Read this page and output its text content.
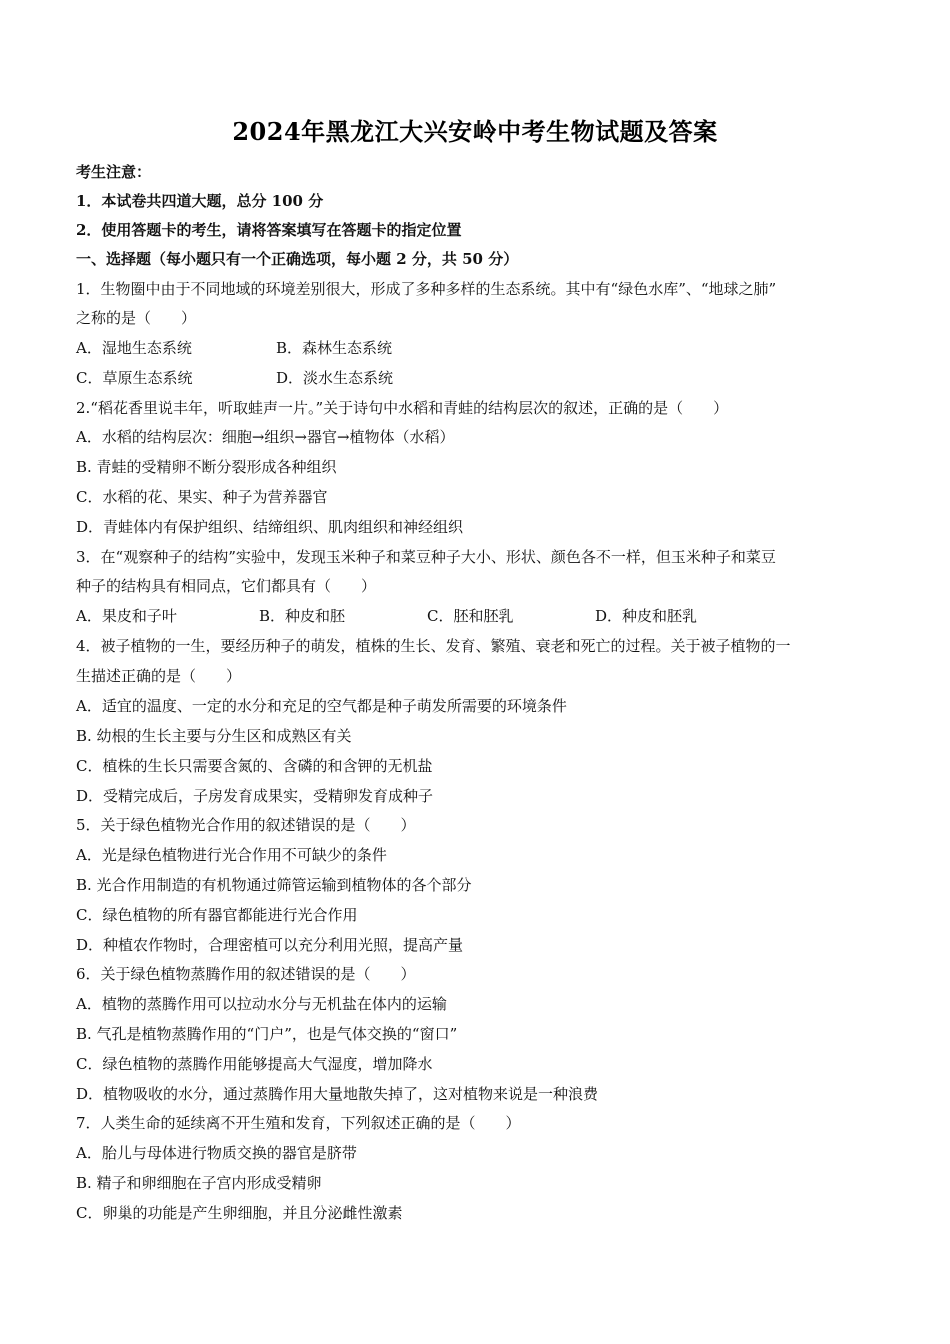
2024年黑龙江大兴安岭中考生物试题及答案
考生注意：
1．本试卷共四道大题，总分 100 分
2．使用答题卡的考生，请将答案填写在答题卡的指定位置
一、选择题（每小题只有一个正确选项，每小题 2 分，共 50 分）
1．生物圈中由于不同地域的环境差别很大，形成了多种多样的生态系统。其中有“绿色水库”、“地球之肺”
之称的是（　　）
A．湿地生态系统	B．森林生态系统
C．草原生态系统	D．淡水生态系统
2.“稻花香里说丰年，听取蛙声一片。”关于诗句中水稻和青蛙的结构层次的叙述，正确的是（　　）
A．水稻的结构层次：细胞→组织→器官→植物体（水稻）
B. 青蛙的受精卵不断分裂形成各种组织
C．水稻的花、果实、种子为营养器官
D．青蛙体内有保护组织、结缔组织、肌肉组织和神经组织
3．在“观察种子的结构”实验中，发现玉米种子和菜豆种子大小、形状、颜色各不一样，但玉米种子和菜豆
种子的结构具有相同点，它们都具有（　　）
A．果皮和子叶	B．种皮和胚	C．胚和胚乳	D．种皮和胚乳
4．被子植物的一生，要经历种子的萌发，植株的生长、发育、繁殖、衰老和死亡的过程。关于被子植物的一
生描述正确的是（　　）
A．适宜的温度、一定的水分和充足的空气都是种子萌发所需要的环境条件
B. 幼根的生长主要与分生区和成熟区有关
C．植株的生长只需要含氮的、含磷的和含钾的无机盐
D．受精完成后，子房发育成果实，受精卵发育成种子
5．关于绿色植物光合作用的叙述错误的是（　　）
A．光是绿色植物进行光合作用不可缺少的条件
B. 光合作用制造的有机物通过筛管运输到植物体的各个部分
C．绿色植物的所有器官都能进行光合作用
D．种植农作物时，合理密植可以充分利用光照，提高产量
6．关于绿色植物蒸腾作用的叙述错误的是（　　）
A．植物的蒸腾作用可以拉动水分与无机盐在体内的运输
B. 气孔是植物蒸腾作用的“门户”，也是气体交换的“窗口”
C．绿色植物的蒸腾作用能够提高大气湿度，增加降水
D．植物吸收的水分，通过蒸腾作用大量地散失掉了，这对植物来说是一种浪费
7．人类生命的延续离不开生殖和发育，下列叙述正确的是（　　）
A．胎儿与母体进行物质交换的器官是脐带
B. 精子和卵细胞在子宫内形成受精卵
C．卵巢的功能是产生卵细胞，并且分泌雌性激素
